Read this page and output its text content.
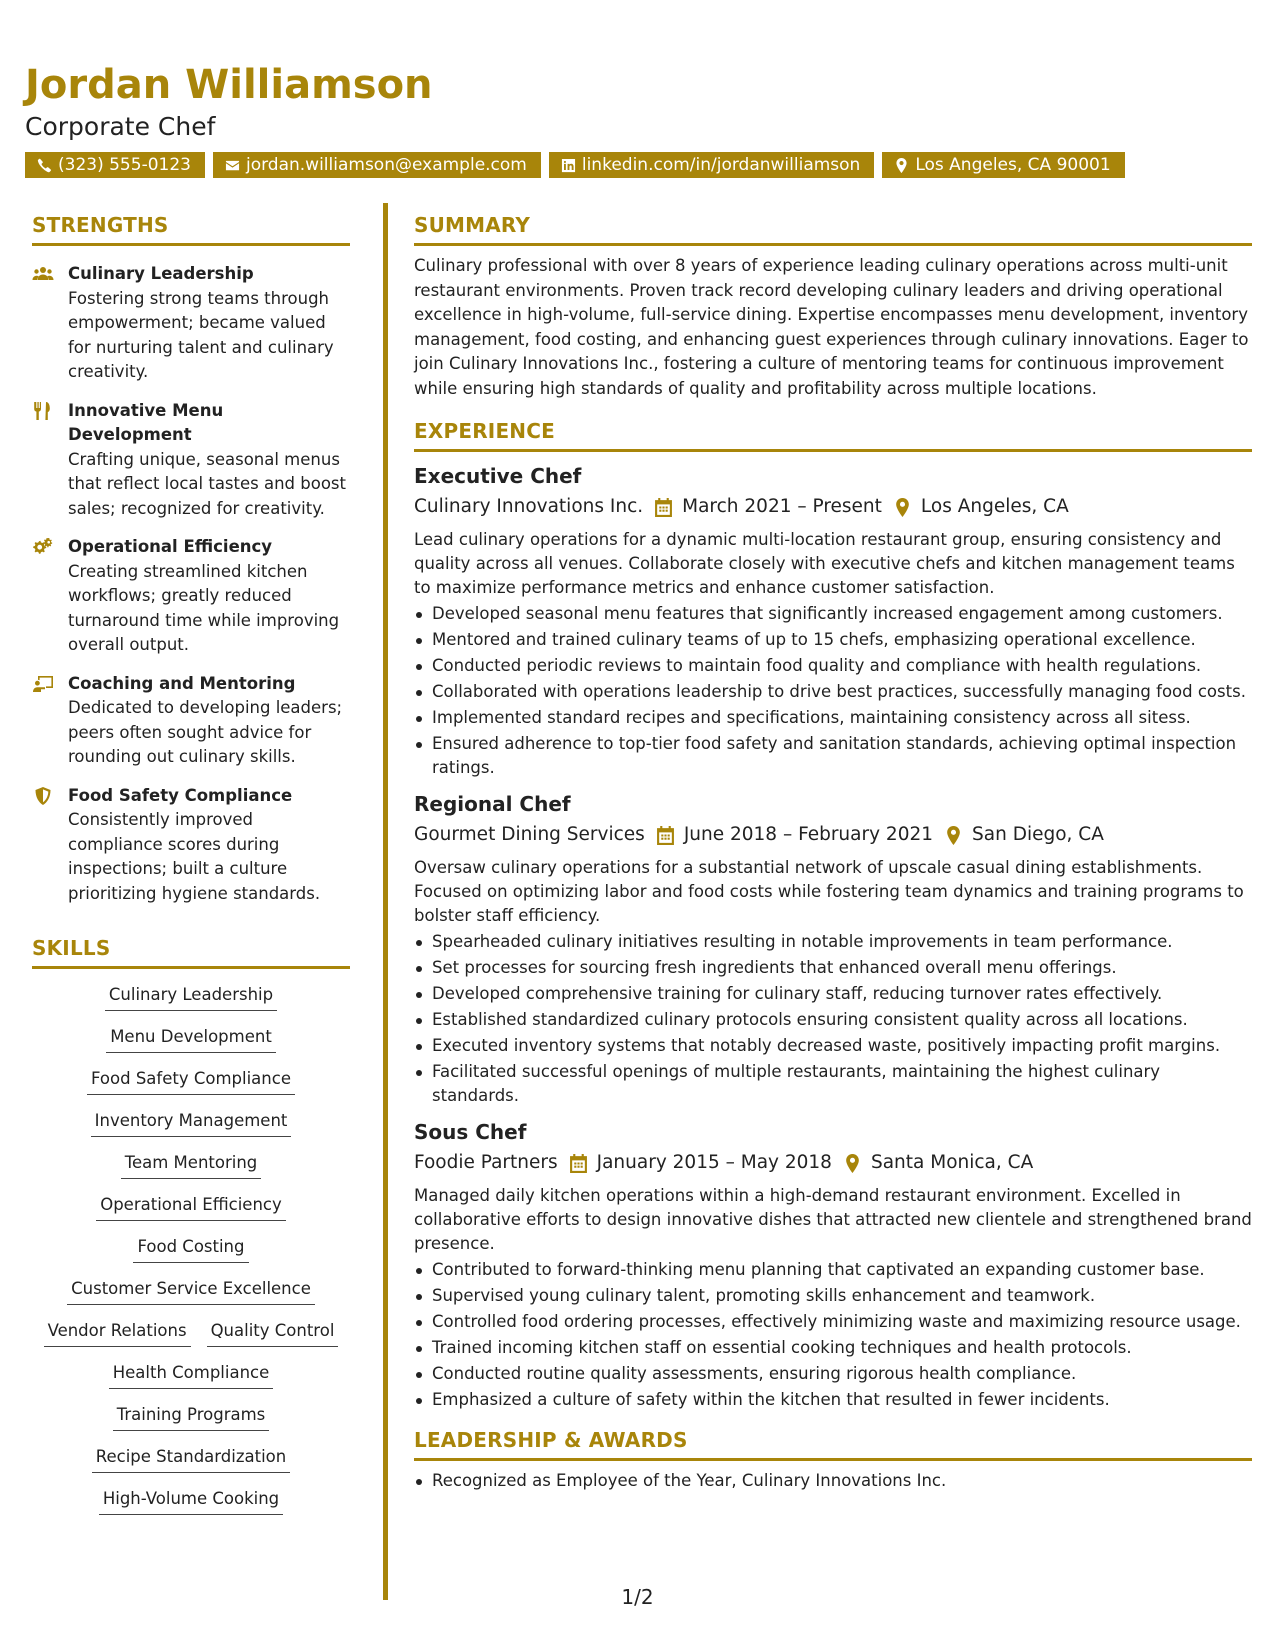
Jordan Williamson
Corporate Chef
(323) 555-0123	jordan.williamson@example.com	linkedin.com/in/jordanwilliamson	Los Angeles, CA 90001
STRENGTHS
Culinary Leadership
Fostering strong teams through empowerment; became valued for nurturing talent and culinary creativity.
Innovative Menu Development
Crafting unique, seasonal menus that reflect local tastes and boost sales; recognized for creativity.
Operational Efficiency
Creating streamlined kitchen workflows; greatly reduced turnaround time while improving overall output.
Coaching and Mentoring
Dedicated to developing leaders; peers often sought advice for rounding out culinary skills.
Food Safety Compliance
Consistently improved compliance scores during inspections; built a culture prioritizing hygiene standards.
SKILLS
Culinary Leadership
Menu Development
Food Safety Compliance
Inventory Management
Team Mentoring
Operational Efficiency
Food Costing
Customer Service Excellence
Vendor Relations Quality Control
Health Compliance
Training Programs
Recipe Standardization
High-Volume Cooking
SUMMARY
Culinary professional with over 8 years of experience leading culinary operations across multi-unit restaurant environments. Proven track record developing culinary leaders and driving operational excellence in high-volume, full-service dining. Expertise encompasses menu development, inventory management, food costing, and enhancing guest experiences through culinary innovations. Eager to join Culinary Innovations Inc., fostering a culture of mentoring teams for continuous improvement while ensuring high standards of quality and profitability across multiple locations.
EXPERIENCE
Executive Chef
Culinary Innovations Inc. March 2021 – Present Los Angeles, CA
Lead culinary operations for a dynamic multi-location restaurant group, ensuring consistency and quality across all venues. Collaborate closely with executive chefs and kitchen management teams to maximize performance metrics and enhance customer satisfaction.
Developed seasonal menu features that significantly increased engagement among customers.
Mentored and trained culinary teams of up to 15 chefs, emphasizing operational excellence.
Conducted periodic reviews to maintain food quality and compliance with health regulations.
Collaborated with operations leadership to drive best practices, successfully managing food costs.
Implemented standard recipes and specifications, maintaining consistency across all sitess.
Ensured adherence to top-tier food safety and sanitation standards, achieving optimal inspection ratings.
Regional Chef
Gourmet Dining Services June 2018 – February 2021 San Diego, CA
Oversaw culinary operations for a substantial network of upscale casual dining establishments. Focused on optimizing labor and food costs while fostering team dynamics and training programs to bolster staff efficiency.
Spearheaded culinary initiatives resulting in notable improvements in team performance.
Set processes for sourcing fresh ingredients that enhanced overall menu offerings.
Developed comprehensive training for culinary staff, reducing turnover rates effectively.
Established standardized culinary protocols ensuring consistent quality across all locations.
Executed inventory systems that notably decreased waste, positively impacting profit margins.
Facilitated successful openings of multiple restaurants, maintaining the highest culinary standards.
Sous Chef
Foodie Partners January 2015 – May 2018 Santa Monica, CA
Managed daily kitchen operations within a high-demand restaurant environment. Excelled in collaborative efforts to design innovative dishes that attracted new clientele and strengthened brand presence.
Contributed to forward-thinking menu planning that captivated an expanding customer base.
Supervised young culinary talent, promoting skills enhancement and teamwork.
Controlled food ordering processes, effectively minimizing waste and maximizing resource usage.
Trained incoming kitchen staff on essential cooking techniques and health protocols.
Conducted routine quality assessments, ensuring rigorous health compliance.
Emphasized a culture of safety within the kitchen that resulted in fewer incidents.
LEADERSHIP & AWARDS
Recognized as Employee of the Year, Culinary Innovations Inc.
1/2
